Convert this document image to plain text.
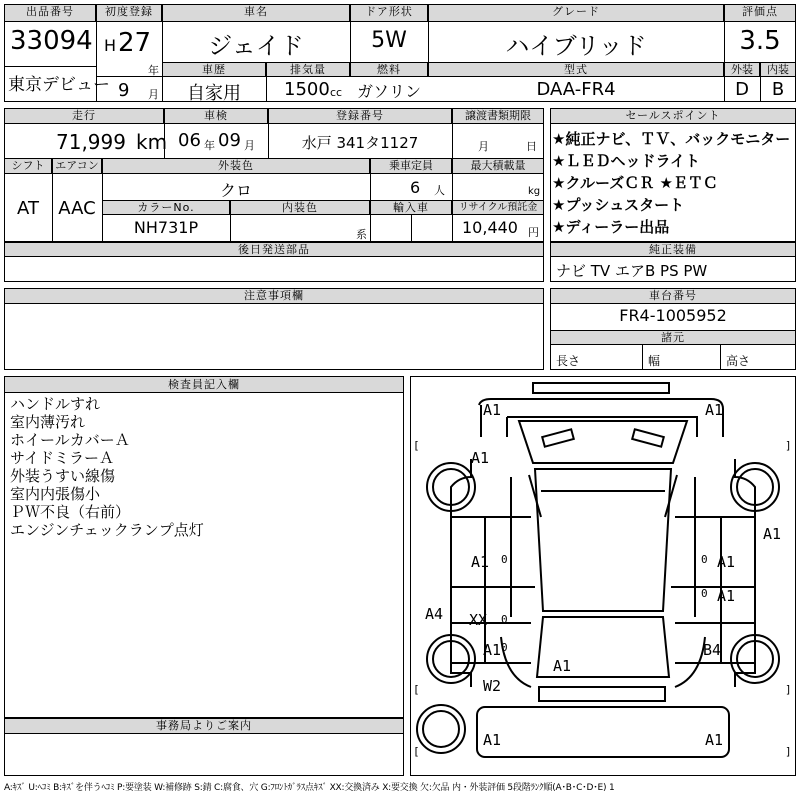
出品番号
33094
東京デビュー
初度登録
H 27
年
9 月
車名
ジェイド
ドア形状
5W
グレード
ハイブリッド
評価点
3.5
車歴
自家用
排気量
1500 cc
燃料
ガソリン
型式
DAA-FR4
外装	内装
D	B
走行
71,999 km
車検
06 年 09 月
登録番号
水戸 341タ1127
譲渡書類期限
月	日
シフト
AT
エアコン
AAC
外装色
クロ
乗車定員
6 人
最大積載量
kg
カラーNo.
NH731P
内装色
系
輸入車	リサイクル預託金
10,440 円
後日発送部品
セールスポイント
★純正ナビ、ＴＶ、バックモニター
★ＬＥＤヘッドライト
★クルーズＣＲ ★ＥＴＣ
★プッシュスタート
★ディーラー出品
純正装備
ナビ TV エアB PS PW
注意事項欄	車台番号
FR4-1005952
諸元
長さ	幅	高さ
検査員記入欄
ハンドルすれ
室内薄汚れ
ホイールカバーＡ
サイドミラーＡ
外装うすい線傷
室内内張傷小
ＰＷ不良（右前）
エンジンチェックランプ点灯
事務局よりご案内
A1	A1
A1
A1
A1	A1
A1
A4 XX
A1	B4
A1
W2
A1	A1
0	0
0
0
0
[	]
[	]
[	]
A:ｷｽﾞ U:ﾍｺﾐ B:ｷｽﾞを伴うﾍｺﾐ P:要塗装 W:補修跡 S:錆 C:腐食、穴 G:ﾌﾛﾝﾄｶﾞﾗｽ点ｷｽﾞ XX:交換済み X:要交換 欠:欠品 内・外装評価 5段階ﾗﾝｸ順(A･B･C･D･E) 1
